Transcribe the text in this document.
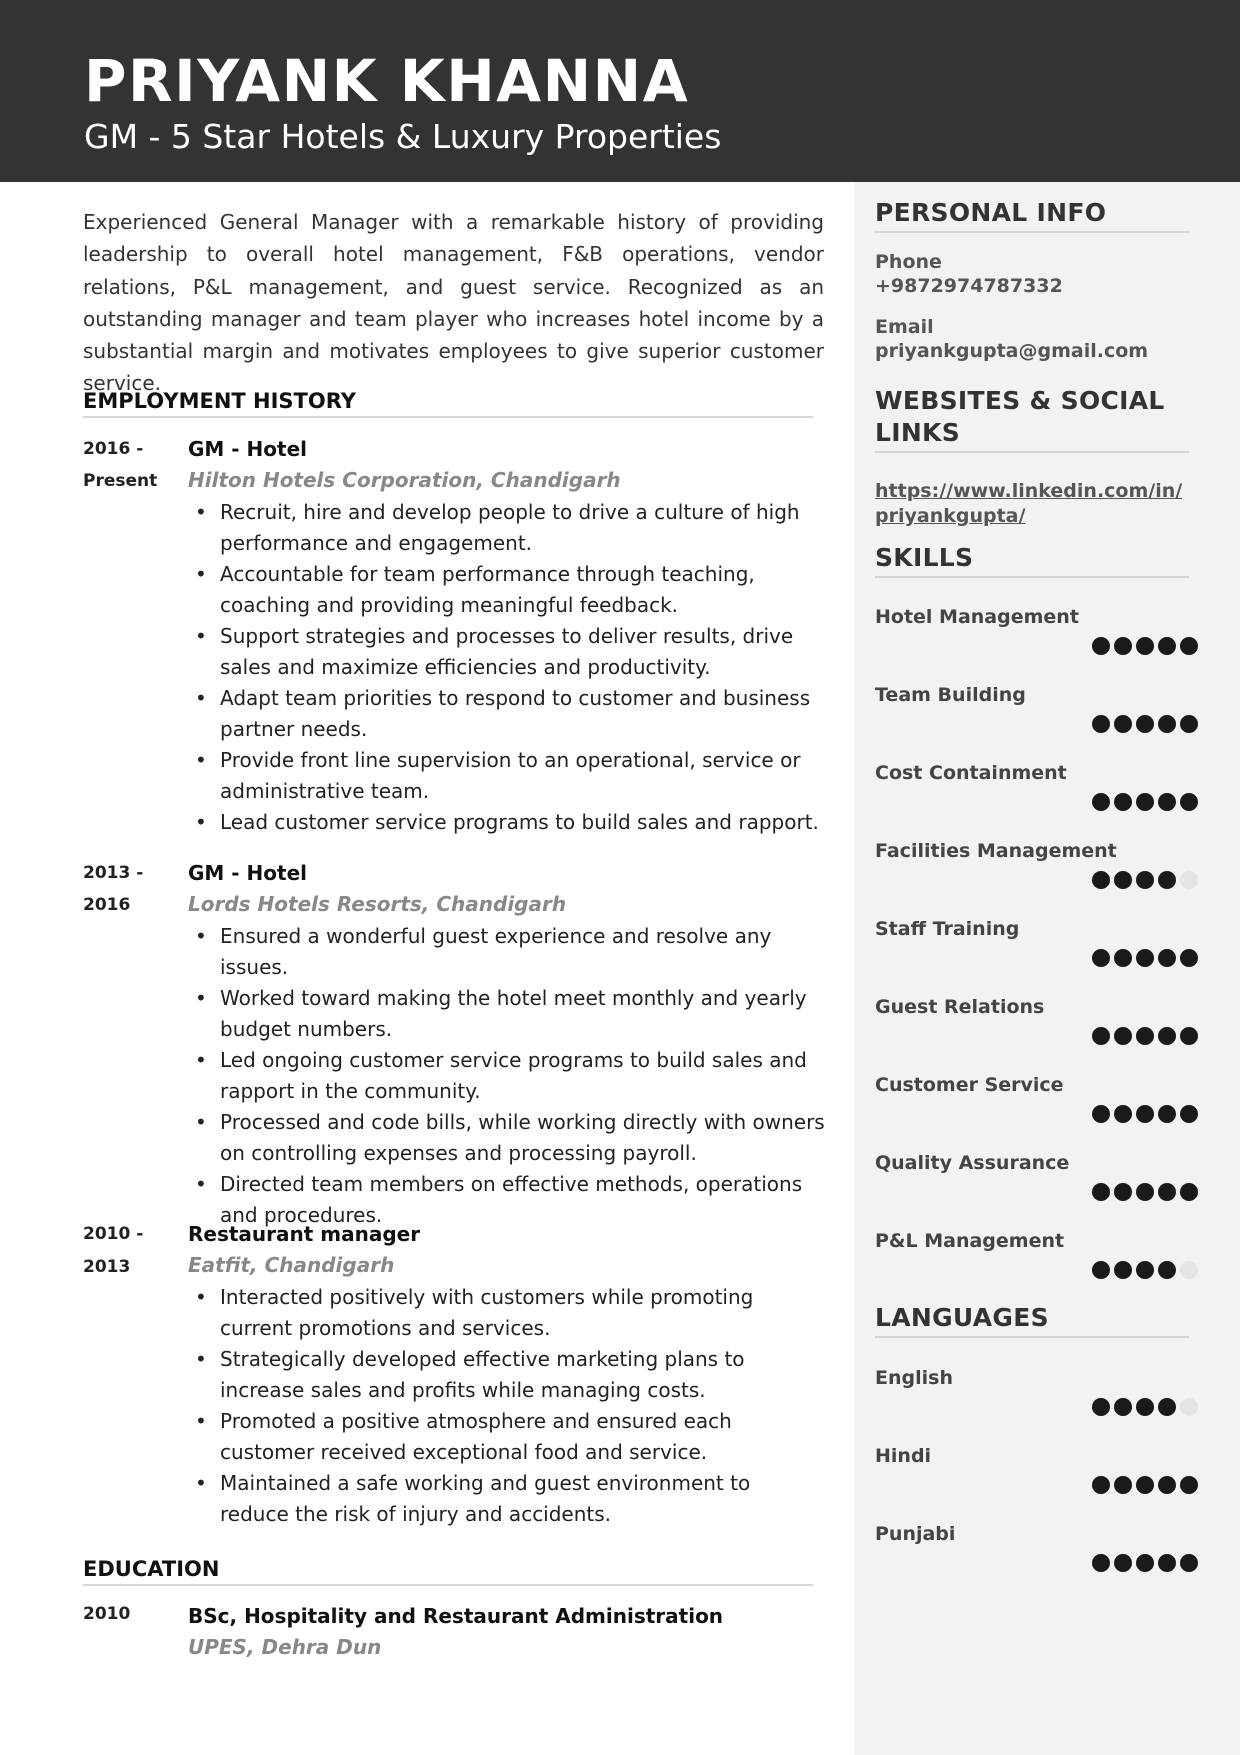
PRIYANK KHANNA
GM - 5 Star Hotels & Luxury Properties

Experienced General Manager with a remarkable history of providing leadership to overall hotel management, F&B operations, vendor relations, P&L management, and guest service. Recognized as an outstanding manager and team player who increases hotel income by a substantial margin and motivates employees to give superior customer service.

EMPLOYMENT HISTORY
2016 -
Present
GM - Hotel
Hilton Hotels Corporation, Chandigarh
• Recruit, hire and develop people to drive a culture of high performance and engagement.
• Accountable for team performance through teaching, coaching and providing meaningful feedback.
• Support strategies and processes to deliver results, drive sales and maximize efficiencies and productivity.
• Adapt team priorities to respond to customer and business partner needs.
• Provide front line supervision to an operational, service or administrative team.
• Lead customer service programs to build sales and rapport.
2013 -
2016
GM - Hotel
Lords Hotels Resorts, Chandigarh
• Ensured a wonderful guest experience and resolve any issues.
• Worked toward making the hotel meet monthly and yearly budget numbers.
• Led ongoing customer service programs to build sales and rapport in the community.
• Processed and code bills, while working directly with owners on controlling expenses and processing payroll.
• Directed team members on effective methods, operations and procedures.
2010 -
2013
Restaurant manager
Eatfit, Chandigarh
• Interacted positively with customers while promoting current promotions and services.
• Strategically developed effective marketing plans to increase sales and profits while managing costs.
• Promoted a positive atmosphere and ensured each customer received exceptional food and service.
• Maintained a safe working and guest environment to reduce the risk of injury and accidents.
EDUCATION
2010	BSc, Hospitality and Restaurant Administration
UPES, Dehra Dun
PERSONAL INFO
Phone
+9872974787332
Email
priyankgupta@gmail.com
WEBSITES & SOCIAL LINKS
https://www.linkedin.com/in/
priyankgupta/
SKILLS
Hotel Management
Team Building
Cost Containment
Facilities Management
Staff Training
Guest Relations
Customer Service
Quality Assurance
P&L Management
LANGUAGES
English
Hindi
Punjabi
